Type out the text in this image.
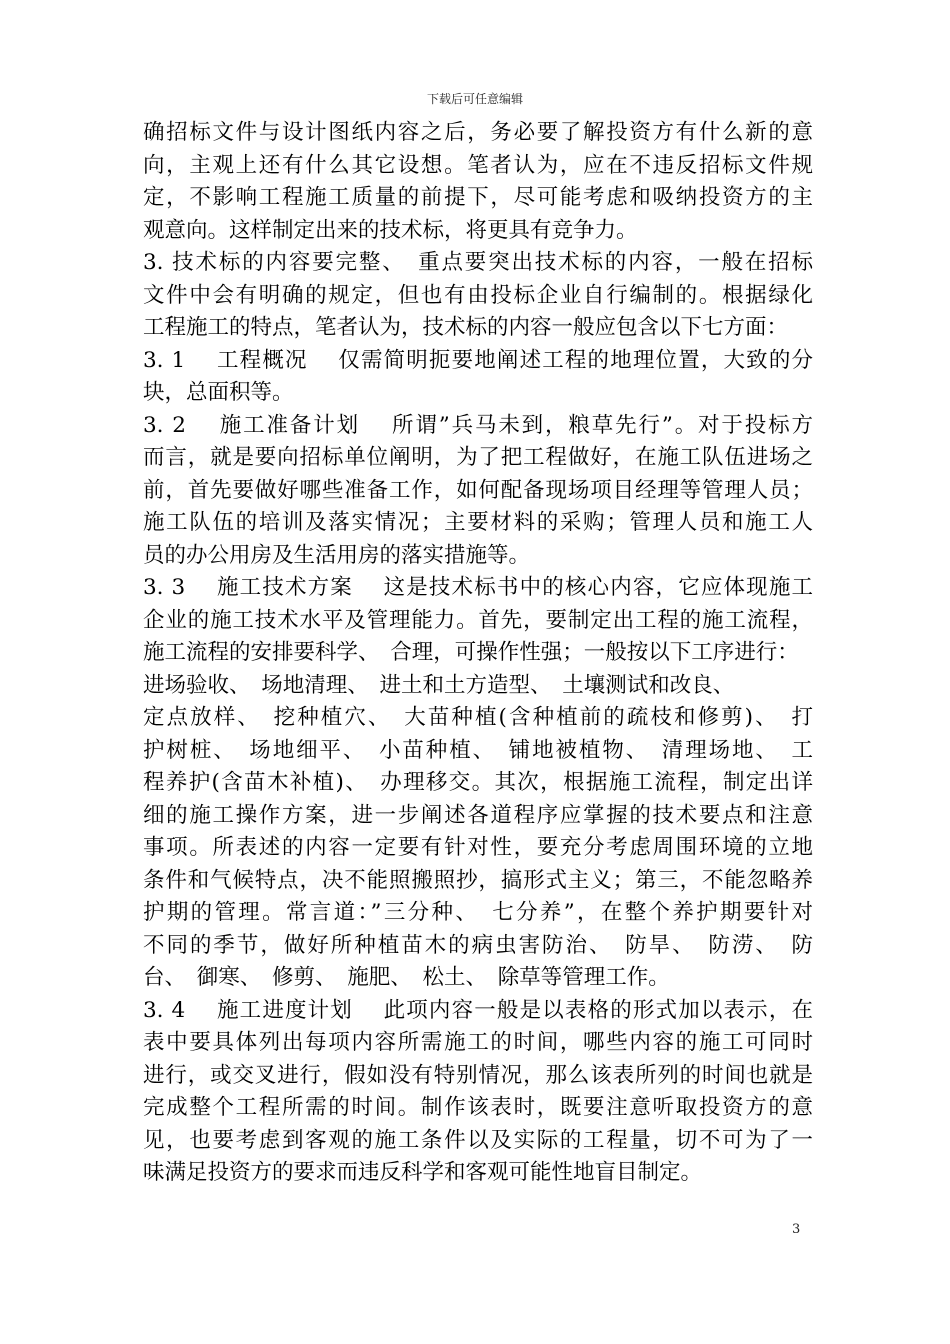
下载后可任意编辑
确招标文件与设计图纸内容之后，务必要了解投资方有什么新的意
向，主观上还有什么其它设想。笔者认为，应在不违反招标文件规
定，不影响工程施工质量的前提下，尽可能考虑和吸纳投资方的主
观意向。这样制定出来的技术标，将更具有竞争力。
3. 技术标的内容要完整、　重点要突出技术标的内容，一般在招标
文件中会有明确的规定，但也有由投标企业自行编制的。根据绿化
工程施工的特点，笔者认为，技术标的内容一般应包含以下七方面：
3. 1　 工程概况　 仅需简明扼要地阐述工程的地理位置，大致的分
块，总面积等。
3. 2　 施工准备计划　 所谓”兵马未到，粮草先行”。对于投标方
而言，就是要向招标单位阐明，为了把工程做好，在施工队伍进场之
前，首先要做好哪些准备工作，如何配备现场项目经理等管理人员；
施工队伍的培训及落实情况；主要材料的采购；管理人员和施工人
员的办公用房及生活用房的落实措施等。
3. 3　 施工技术方案　 这是技术标书中的核心内容，它应体现施工
企业的施工技术水平及管理能力。首先，要制定出工程的施工流程，
施工流程的安排要科学、　合理，可操作性强；一般按以下工序进行：
进场验收、　场地清理、　进土和土方造型、　土壤测试和改良、
定点放样、　挖种植穴、　大苗种植(含种植前的疏枝和修剪)、　打
护树桩、　场地细平、　小苗种植、　铺地被植物、　清理场地、　工
程养护(含苗木补植)、　办理移交。其次，根据施工流程，制定出详
细的施工操作方案，进一步阐述各道程序应掌握的技术要点和注意
事项。所表述的内容一定要有针对性，要充分考虑周围环境的立地
条件和气候特点，决不能照搬照抄，搞形式主义；第三，不能忽略养
护期的管理。常言道：”三分种、　七分养”，在整个养护期要针对
不同的季节，做好所种植苗木的病虫害防治、　防旱、　防涝、　防
台、　御寒、　修剪、　施肥、　松土、　除草等管理工作。
3. 4　 施工进度计划　 此项内容一般是以表格的形式加以表示，在
表中要具体列出每项内容所需施工的时间，哪些内容的施工可同时
进行，或交叉进行，假如没有特别情况，那么该表所列的时间也就是
完成整个工程所需的时间。制作该表时，既要注意听取投资方的意
见，也要考虑到客观的施工条件以及实际的工程量，切不可为了一
味满足投资方的要求而违反科学和客观可能性地盲目制定。
3
